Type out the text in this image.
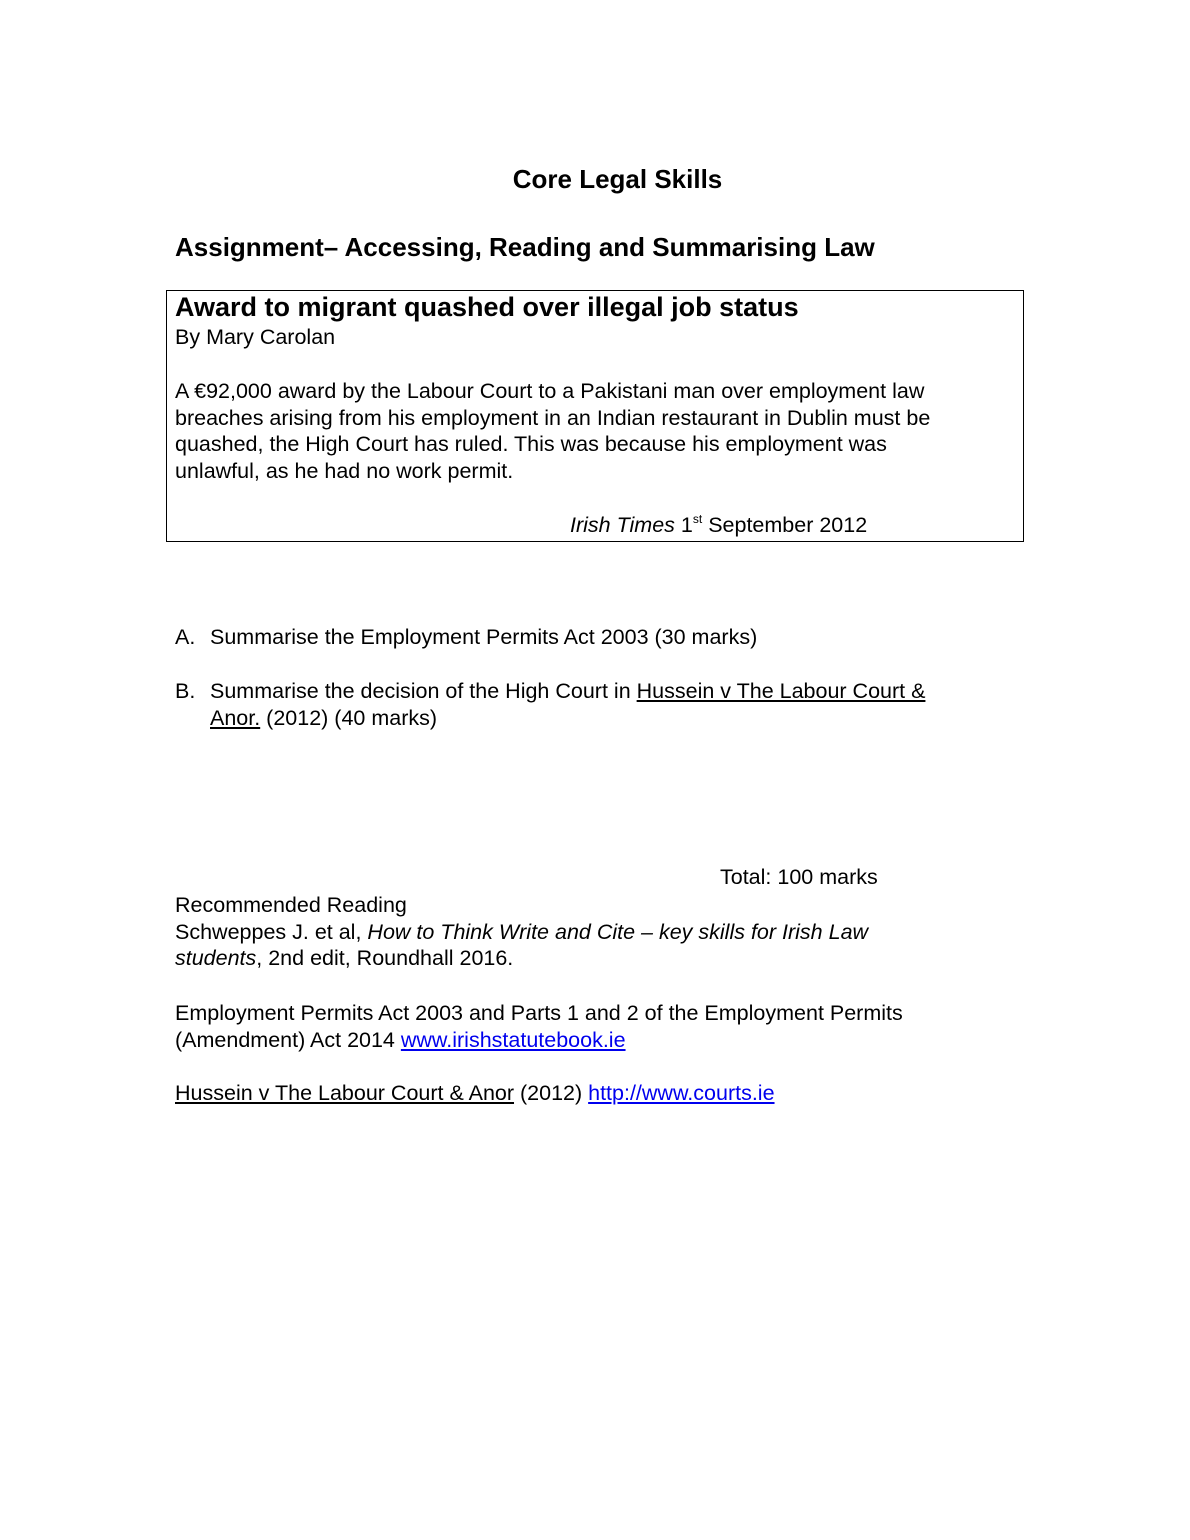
Core Legal Skills
Assignment– Accessing, Reading and Summarising Law
Award to migrant quashed over illegal job status
By Mary Carolan
A €92,000 award by the Labour Court to a Pakistani man over employment law
breaches arising from his employment in an Indian restaurant in Dublin must be
quashed, the High Court has ruled. This was because his employment was
unlawful, as he had no work permit.
Irish Times 1st September 2012
A. Summarise the Employment Permits Act 2003 (30 marks)
B. Summarise the decision of the High Court in Hussein v The Labour Court &
Anor. (2012) (40 marks)
Total: 100 marks
Recommended Reading
Schweppes J. et al, How to Think Write and Cite – key skills for Irish Law
students, 2nd edit, Roundhall 2016.
Employment Permits Act 2003 and Parts 1 and 2 of the Employment Permits
(Amendment) Act 2014 www.irishstatutebook.ie
Hussein v The Labour Court & Anor (2012) http://www.courts.ie
